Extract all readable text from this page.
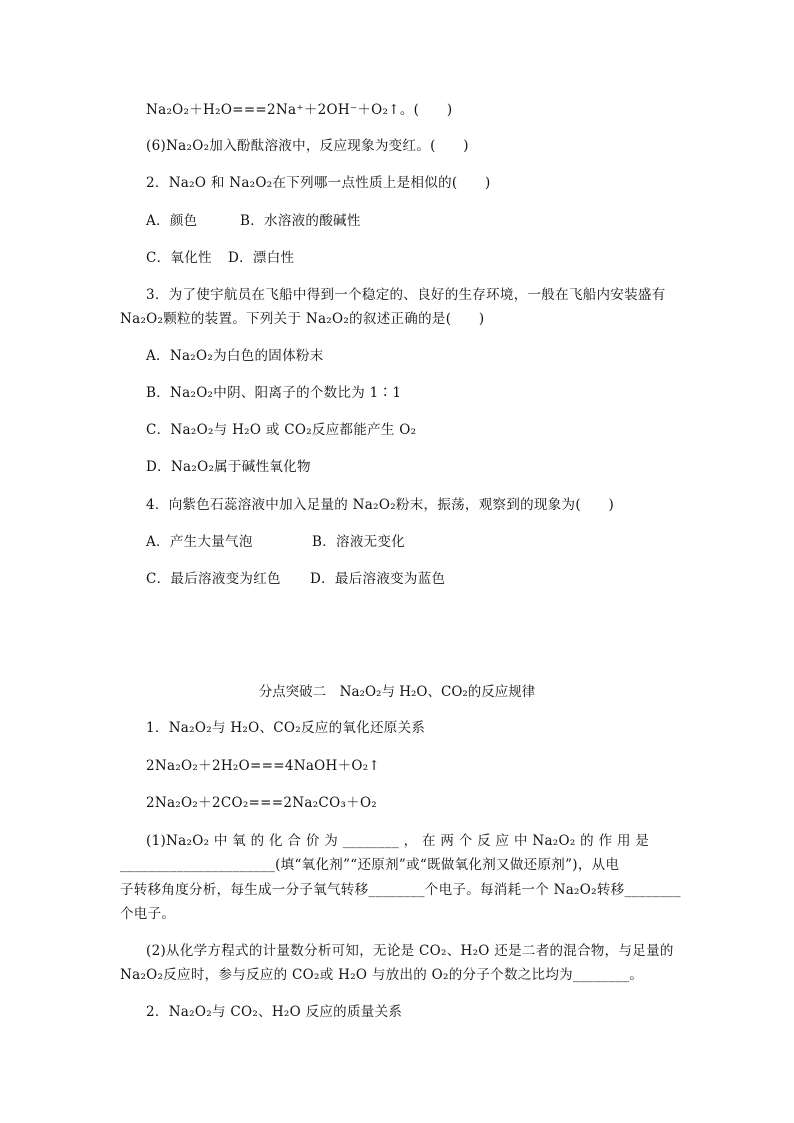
Na₂O₂＋H₂O===2Na⁺＋2OH⁻＋O₂↑。(　　)
(6)Na₂O₂加入酚酞溶液中，反应现象为变红。(　　)
2．Na₂O 和 Na₂O₂在下列哪一点性质上是相似的(　　)
A．颜色	B．水溶液的酸碱性
C．氧化性 D．漂白性
3．为了使宇航员在飞船中得到一个稳定的、良好的生存环境，一般在飞船内安装盛有
Na₂O₂颗粒的装置。下列关于 Na₂O₂的叙述正确的是(　　)
A．Na₂O₂为白色的固体粉末
B．Na₂O₂中阴、阳离子的个数比为 1∶1
C．Na₂O₂与 H₂O 或 CO₂反应都能产生 O₂
D．Na₂O₂属于碱性氧化物
4．向紫色石蕊溶液中加入足量的 Na₂O₂粉末，振荡，观察到的现象为(　　)
A．产生大量气泡	B．溶液无变化
C．最后溶液变为红色 D．最后溶液变为蓝色
分点突破二　Na₂O₂与 H₂O、CO₂的反应规律
1．Na₂O₂与 H₂O、CO₂反应的氧化还原关系
2Na₂O₂＋2H₂O===4NaOH＋O₂↑
2Na₂O₂＋2CO₂===2Na₂CO₃＋O₂
(1)Na₂O₂ 中 氧 的 化 合 价 为 ________ ， 在 两 个 反 应 中 Na₂O₂ 的 作 用 是
______________________(填“氧化剂”“还原剂”或“既做氧化剂又做还原剂”)，从电
子转移角度分析，每生成一分子氧气转移________个电子。每消耗一个 Na₂O₂转移________
个电子。
(2)从化学方程式的计量数分析可知，无论是 CO₂、H₂O 还是二者的混合物，与足量的
Na₂O₂反应时，参与反应的 CO₂或 H₂O 与放出的 O₂的分子个数之比均为________。
2．Na₂O₂与 CO₂、H₂O 反应的质量关系
